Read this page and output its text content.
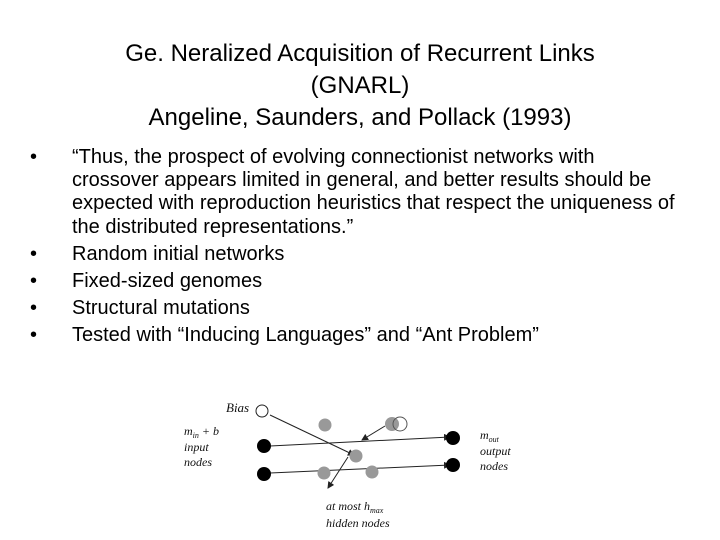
Ge. Neralized Acquisition of Recurrent Links
(GNARL)
Angeline, Saunders, and Pollack (1993)
• “Thus, the prospect of evolving connectionist networks with crossover appears limited in general, and better results should be expected with reproduction heuristics that respect the uniqueness of the distributed representations.”
• Random initial networks
• Fixed-sized genomes
• Structural mutations
• Tested with “Inducing Languages” and “Ant Problem”
Bias
$m_{in} + b$
input
nodes
$m_{out}$
output
nodes
at most $h_{max}$
hidden nodes
